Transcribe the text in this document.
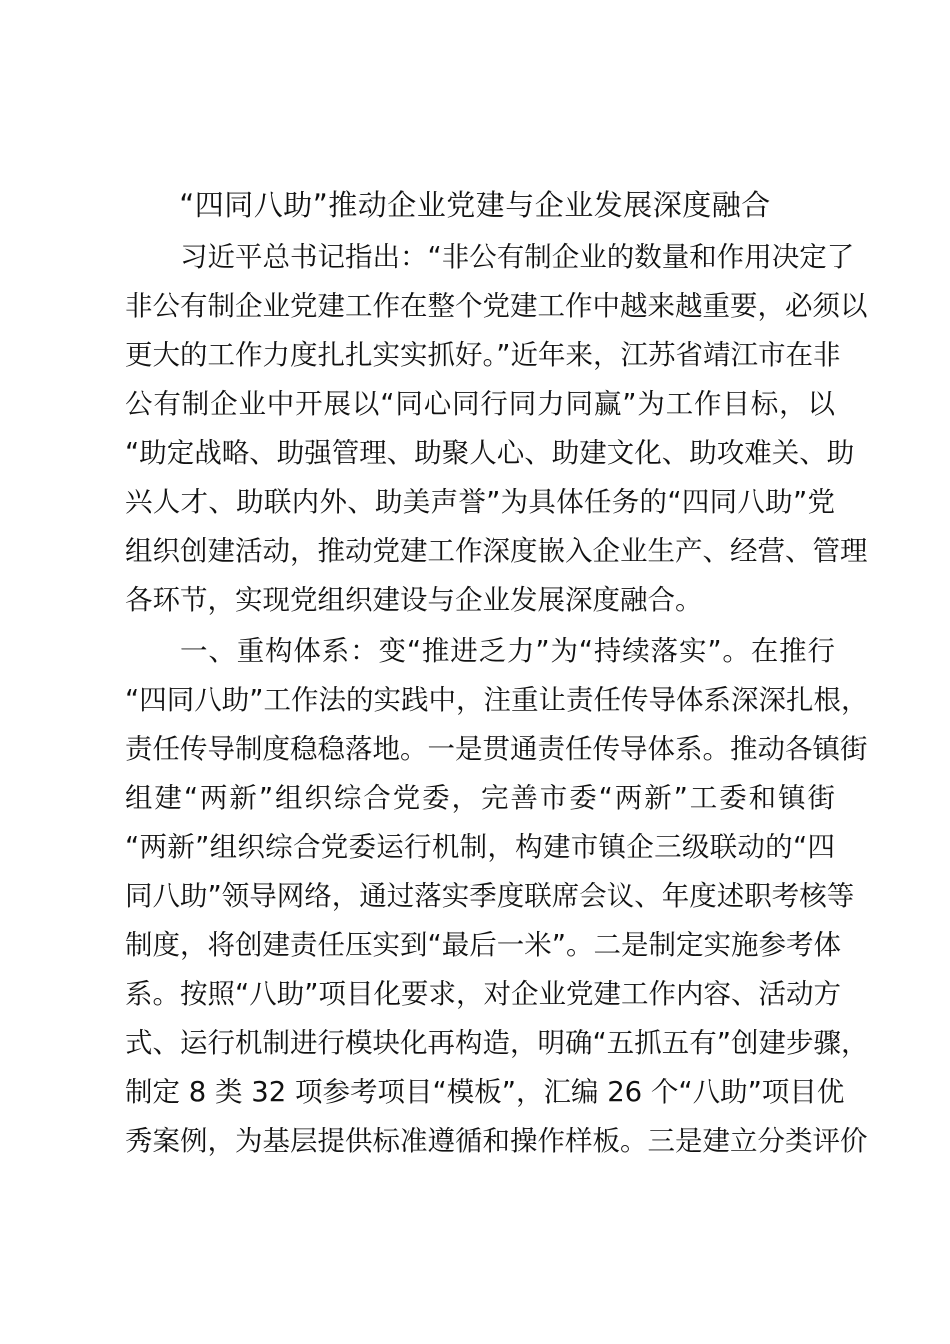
“四同八助”推动企业党建与企业发展深度融合
习近平总书记指出：“非公有制企业的数量和作用决定了
非公有制企业党建工作在整个党建工作中越来越重要，必须以
更大的工作力度扎扎实实抓好。”近年来，江苏省靖江市在非
公有制企业中开展以“同心同行同力同赢”为工作目标，以
“助定战略、助强管理、助聚人心、助建文化、助攻难关、助
兴人才、助联内外、助美声誉”为具体任务的“四同八助”党
组织创建活动，推动党建工作深度嵌入企业生产、经营、管理
各环节，实现党组织建设与企业发展深度融合。
一、重构体系：变“推进乏力”为“持续落实”。在推行
“四同八助”工作法的实践中，注重让责任传导体系深深扎根，
责任传导制度稳稳落地。一是贯通责任传导体系。推动各镇街
组建“两新”组织综合党委，完善市委“两新”工委和镇街
“两新”组织综合党委运行机制，构建市镇企三级联动的“四
同八助”领导网络，通过落实季度联席会议、年度述职考核等
制度，将创建责任压实到“最后一米”。二是制定实施参考体
系。按照“八助”项目化要求，对企业党建工作内容、活动方
式、运行机制进行模块化再构造，明确“五抓五有”创建步骤，
制定 8 类 32 项参考项目“模板”，汇编 26 个“八助”项目优
秀案例，为基层提供标准遵循和操作样板。三是建立分类评价
